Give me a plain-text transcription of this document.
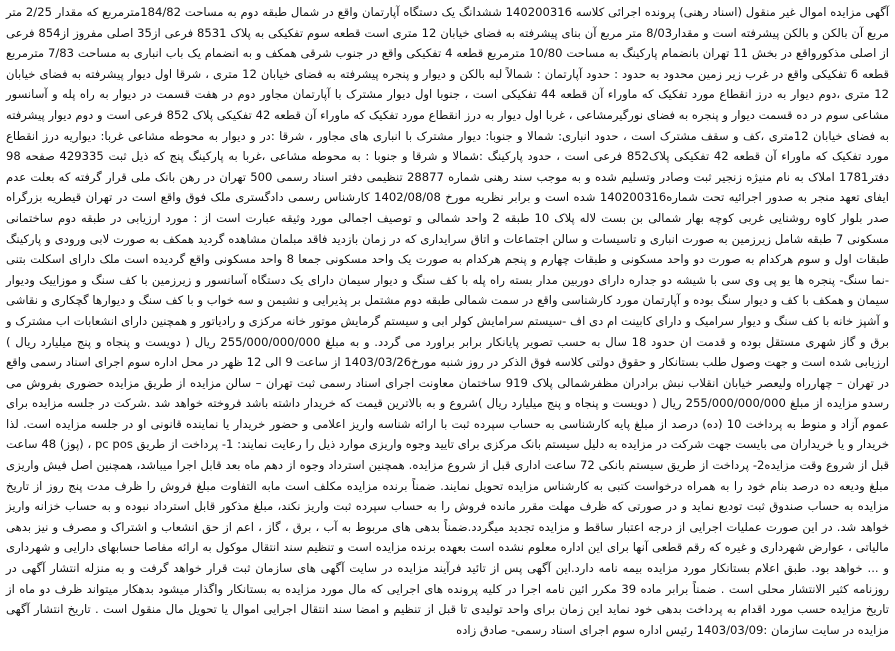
آگهی مزایده اموال غیر منقول (اسناد رهنی) پرونده اجرائی کلاسه 140200316 ششدانگ یک دستگاه آپارتمان واقع در شمال طبقه دوم به مساحت 184/82مترمربع که مقدار 2/25 متر مربع آن بالکن و بالکن پیشرفته است و مقدار8/03 متر مربع آن بنای پیشرفته به فضای خیابان 12 متری است قطعه سوم تفکیکی به پلاک 8531 فرعی از35 اصلی مفروز از854 فرعی از اصلی مذکورواقع در بخش 11 تهران بانضمام پارکینگ به مساحت 10/80 مترمربع قطعه 4 تفکیکی واقع در جنوب شرقی همکف و به انضمام یک باب انباری به مساحت 7/83 مترمربع قطعه 6 تفکیکی واقع در غرب زیر زمین محدود به حدود : حدود آپارتمان : شمالاً لبه بالکن و دیوار و پنجره پیشرفته به فضای خیابان 12 متری ، شرقا اول دیوار پیشرفته به فضای خیابان 12 متری ،دوم دیوار به درز انقطاع مورد تفکیک که ماوراء آن قطعه 44 تفکیکی است ، جنوبا اول دیوار مشترک با آپارتمان مجاور دوم در هفت قسمت در دیوار به راه پله و آسانسور مشاعی سوم در ده قسمت دیوار و پنجره به فضای نورگیرمشاعی ، غربا اول دیوار به درز انقطاع مورد تفکیک که ماوراء آن قطعه 42 تفکیکی پلاک 852 فرعی است و دوم دیوار پیشرفته به فضای خیابان 12متری ،کف و سقف مشترک است ، حدود انباری: شمالا و جنوبا: دیوار مشترک با انباری های مجاور ، شرقا :در و دیوار به محوطه مشاعی غربا: دیواریه درز انقطاع مورد تفکیک که ماوراء آن قطعه 42 تفکیکی پلاک852 فرعی است ، حدود پارکینگ :شمالا و شرقا و جنوبا : به محوطه مشاعی ،غربا به پارکینگ پنج که ذیل ثبت 429335 صفحه 98 دفتر1781 املاک به نام منیژه زنجیر ثبت وصادر وتسلیم شده و به موجب سند رهنی شماره 28877 تنظیمی دفتر اسناد رسمی 500 تهران در رهن بانک ملی قرار گرفته که بعلت عدم ایفای تعهد منجر به صدور اجرائیه تحت شماره140200316 شده است و برابر نظریه مورخ 1402/08/08 کارشناس رسمی دادگستری ملک فوق واقع است در تهران قیطریه بزرگراه صدر بلوار کاوه روشنایی غربی کوچه بهار شمالی بن بست لاله پلاک 10 طبقه 2 واحد شمالی و توصیف اجمالی مورد وثیقه عبارت است از : مورد ارزیابی در طبقه دوم ساختمانی مسکونی 7 طبقه شامل زیرزمین به صورت انباری و تاسیسات و سالن اجتماعات و اتاق سرایداری که در زمان بازدید فاقد مبلمان مشاهده گردید همکف به صورت لابی ورودی و پارکینگ طبقات اول و سوم هرکدام به صورت دو واحد مسکونی و طبقات چهارم و پنجم هرکدام به صورت یک واحد مسکونی جمعا 8 واحد مسکونی واقع گردیده است ملک دارای اسکلت بتنی -نما سنگ- پنجره ها یو پی وی سی با شیشه دو جداره دارای دوربین مدار بسته راه پله با کف سنگ و دیوار سیمان دارای یک دستگاه آسانسور و زیرزمین با کف سنگ و موزاییک ودیوار سیمان و همکف با کف و دیوار سنگ بوده و آپارتمان مورد کارشناسی واقع در سمت شمالی طبقه دوم مشتمل بر پذیرایی و نشیمن و سه خواب و با کف سنگ و دیوارها گچکاری و نقاشی و آشپز خانه با کف سنگ و دیوار سرامیک و دارای کابینت ام دی اف -سیستم سرامایش کولر ابی و سیستم گرمایش موتور خانه مرکزی و رادیاتور و همچنین دارای انشعابات اب مشترک و برق و گاز شهری مستقل بوده و قدمت ان حدود 18 سال به حسب تصویر پایانکار برابر براورد می گردد. و به مبلغ 255/000/000/000 ریال ( دویست و پنجاه و پنج میلیارد ریال ) ارزیابی شده است و جهت وصول طلب بستانکار و حقوق دولتی کلاسه فوق الذکر در روز شنبه مورخ1403/03/26 از ساعت 9 الی 12 ظهر در محل اداره سوم اجرای اسناد رسمی واقع در تهران – چهارراه ولیعصر خیابان انقلاب نبش برادران مظفرشمالی پلاک 919 ساختمان معاونت اجرای اسناد رسمی ثبت تهران – سالن مزایده از طریق مزایده حضوری بفروش می رسدو مزایده از مبلغ 255/000/000/000 ریال ( دویست و پنجاه و پنج میلیارد ریال )شروع و به بالاترین قیمت که خریدار داشته باشد فروخته خواهد شد .شرکت در جلسه مزایده برای عموم آزاد و منوط به پرداخت 10 (ده) درصد از مبلغ پایه کارشناسی به حساب سپرده ثبت با ارائه شناسه واریز اعلامی و حضور خریدار یا نماینده قانونی او در جلسه مزایده است. لذا خریدار و یا خریداران می بایست جهت شرکت در مزایده به دلیل سیستم بانک مرکزی برای تایید وجوه واریزی موارد ذیل را رعایت نمایند: 1- پرداخت از طریق pc pos ، (پوز) 48 ساعت قبل از شروع وقت مزایده2- پرداخت از طریق سیستم بانکی 72 ساعت اداری قبل از شروع مزایده. همچنین استرداد وجوه از دهم ماه بعد قابل اجرا میباشد، همچنین اصل فیش واریزی مبلغ ودیعه ده درصد بنام خود را به همراه درخواست کتبی به کارشناس مزایده تحویل نمایند. ضمناً برنده مزایده مکلف است مابه التفاوت مبلغ فروش را ظرف مدت پنج روز از تاریخ مزایده به حساب صندوق ثبت تودیع نماید و در صورتی که ظرف مهلت مقرر مانده فروش را به حساب سپرده ثبت واریز نکند، مبلغ مذکور قابل استرداد نبوده و به حساب خزانه واریز خواهد شد. در این صورت عملیات اجرایی از درجه اعتبار ساقط و مزایده تجدید میگردد.ضمناً بدهی های مربوط به آب ، برق ، گاز ، اعم از حق انشعاب و اشتراک و مصرف و نیز بدهی مالیاتی ، عوارض شهرداری و غیره که رقم قطعی آنها برای این اداره معلوم نشده است بعهده برنده مزایده است و تنظیم سند انتقال موکول به ارائه مفاصا حسابهای دارایی و شهرداری و ... خواهد بود. طبق اعلام بستانکار مورد مزایده بیمه نامه دارد.این آگهی پس از تائید فرآیند مزایده در سایت آگهی های سازمان ثبت قرار خواهد گرفت و به منزله انتشار آگهی در روزنامه کثیر الانتشار محلی است . ضمناً برابر ماده 39 مکرر ائین نامه اجرا در کلیه پرونده های اجرایی که مال مورد مزایده به بستانکار واگذار میشود بدهکار میتواند ظرف دو ماه از تاریخ مزایده حسب مورد اقدام به پرداخت بدهی خود نماید این زمان برای واحد تولیدی تا قبل از تنظیم و امضا سند انتقال اجرایی اموال یا تحویل مال منقول است . تاریخ انتشار آگهی مزایده در سایت سازمان :1403/03/09 رئیس اداره سوم اجرای اسناد رسمی- صادق زاده
